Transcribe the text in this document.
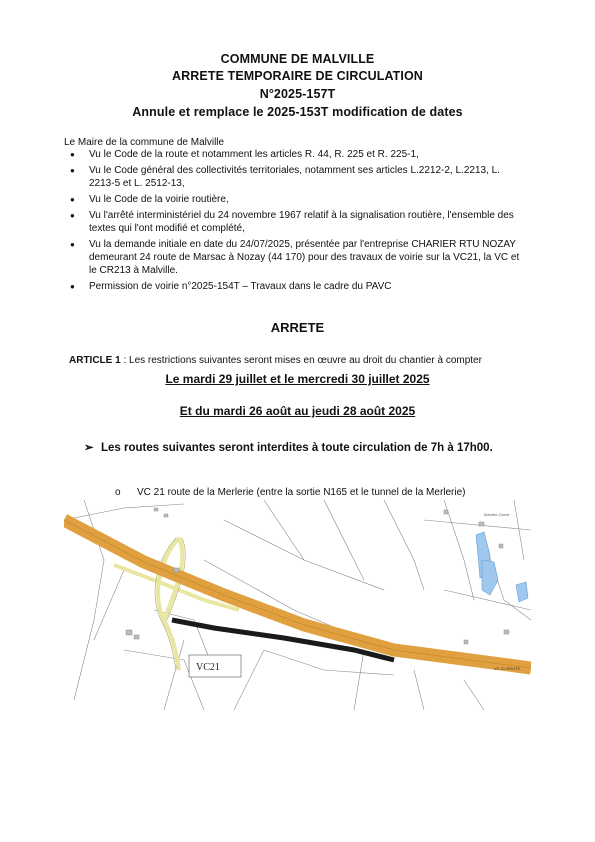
COMMUNE DE MALVILLE
ARRETE TEMPORAIRE DE CIRCULATION
N°2025-157T
Annule et remplace le 2025-153T modification de dates
Le Maire de la commune de Malville
● Vu le Code de la route et notamment les articles R. 44, R. 225 et R. 225-1,
● Vu le Code général des collectivités territoriales, notamment ses articles L.2212-2, L.2213, L. 2213-5 et L. 2512-13,
● Vu le Code de la voirie routière,
● Vu l'arrêté interministériel du 24 novembre 1967 relatif à la signalisation routière, l'ensemble des textes qui l'ont modifié et complété,
● Vu la demande initiale en date du 24/07/2025, présentée par l'entreprise CHARIER RTU NOZAY demeurant 24 route de Marsac à Nozay (44 170) pour des travaux de voirie sur la VC21, la VC et le CR213 à Malville.
● Permission de voirie n°2025-154T – Travaux dans le cadre du PAVC
ARRETE
ARTICLE 1 : Les restrictions suivantes seront mises en œuvre au droit du chantier à compter
Le mardi 29 juillet et le mercredi 30 juillet 2025
Et du mardi 26 août au jeudi 28 août 2025
➢ Les routes suivantes seront interdites à toute circulation de 7h à 17h00.
o VC 21 route de la Merlerie (entre la sortie N165 et le tunnel de la Merlerie)
VC21
Malville-Ouest
VC 21 ROUTE
